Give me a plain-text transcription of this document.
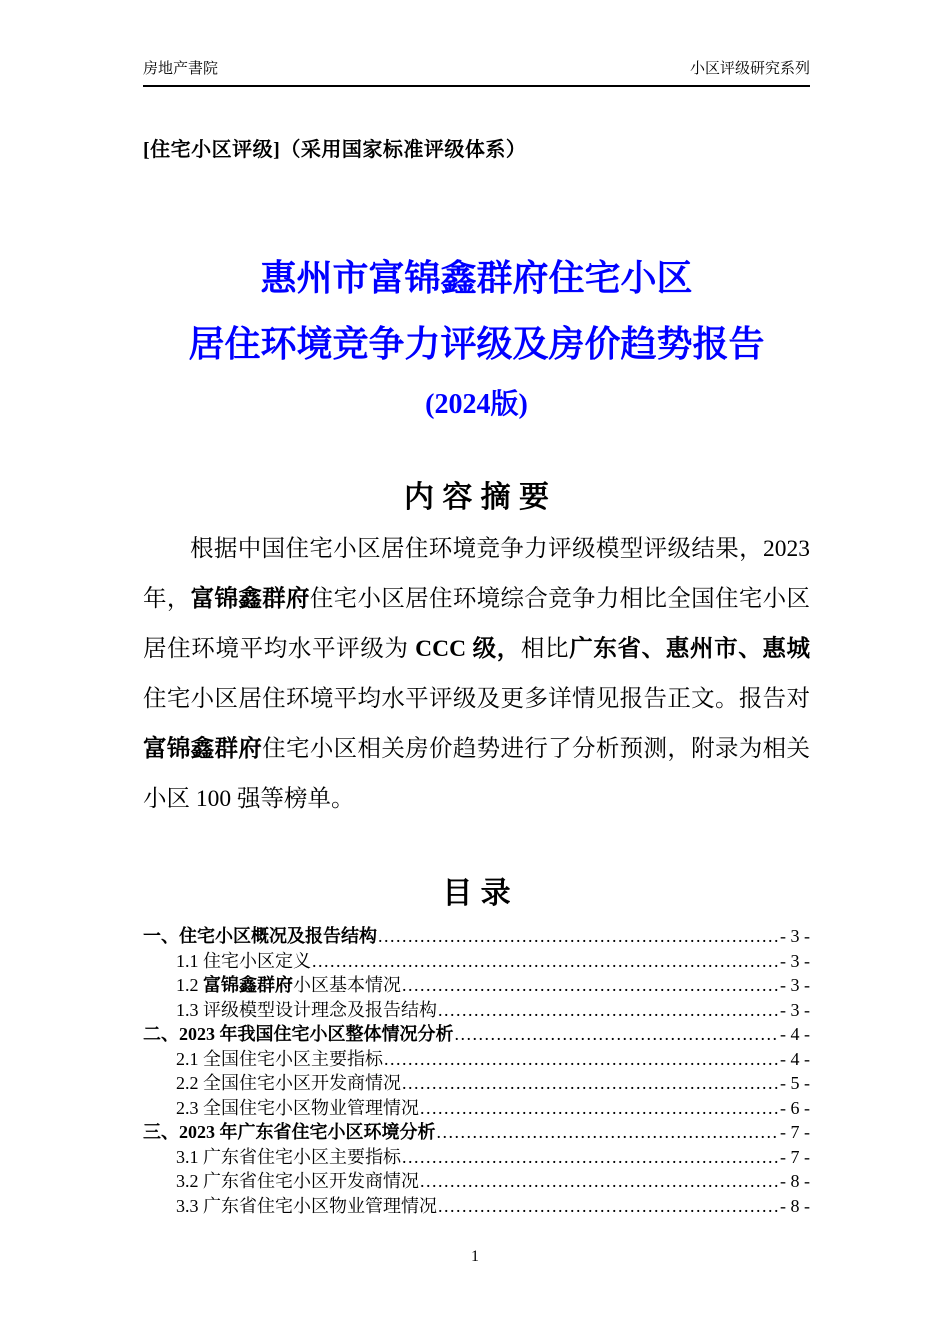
房地产書院	小区评级研究系列
[住宅小区评级]（采用国家标准评级体系）
惠州市富锦鑫群府住宅小区
居住环境竞争力评级及房价趋势报告
(2024版)
内 容 摘 要

根据中国住宅小区居住环境竞争力评级模型评级结果，2023 年，富锦鑫群府住宅小区居住环境综合竞争力相比全国住宅小区居住环境平均水平评级为 CCC 级，相比广东省、惠州市、惠城住宅小区居住环境平均水平评级及更多详情见报告正文。报告对富锦鑫群府住宅小区相关房价趋势进行了分析预测，附录为相关小区 100 强等榜单。

目 录
一、住宅小区概况及报告结构 .....	- 3 -
1.1 住宅小区定义 .....	- 3 -
1.2 富锦鑫群府小区基本情况 .....	- 3 -
1.3 评级模型设计理念及报告结构 .....	- 3 -
二、2023 年我国住宅小区整体情况分析 .....	- 4 -
2.1 全国住宅小区主要指标 .....	- 4 -
2.2 全国住宅小区开发商情况 .....	- 5 -
2.3 全国住宅小区物业管理情况 .....	- 6 -
三、2023 年广东省住宅小区环境分析 .....	- 7 -
3.1 广东省住宅小区主要指标 .....	- 7 -
3.2 广东省住宅小区开发商情况 .....	- 8 -
3.3 广东省住宅小区物业管理情况 .....	- 8 -
1
